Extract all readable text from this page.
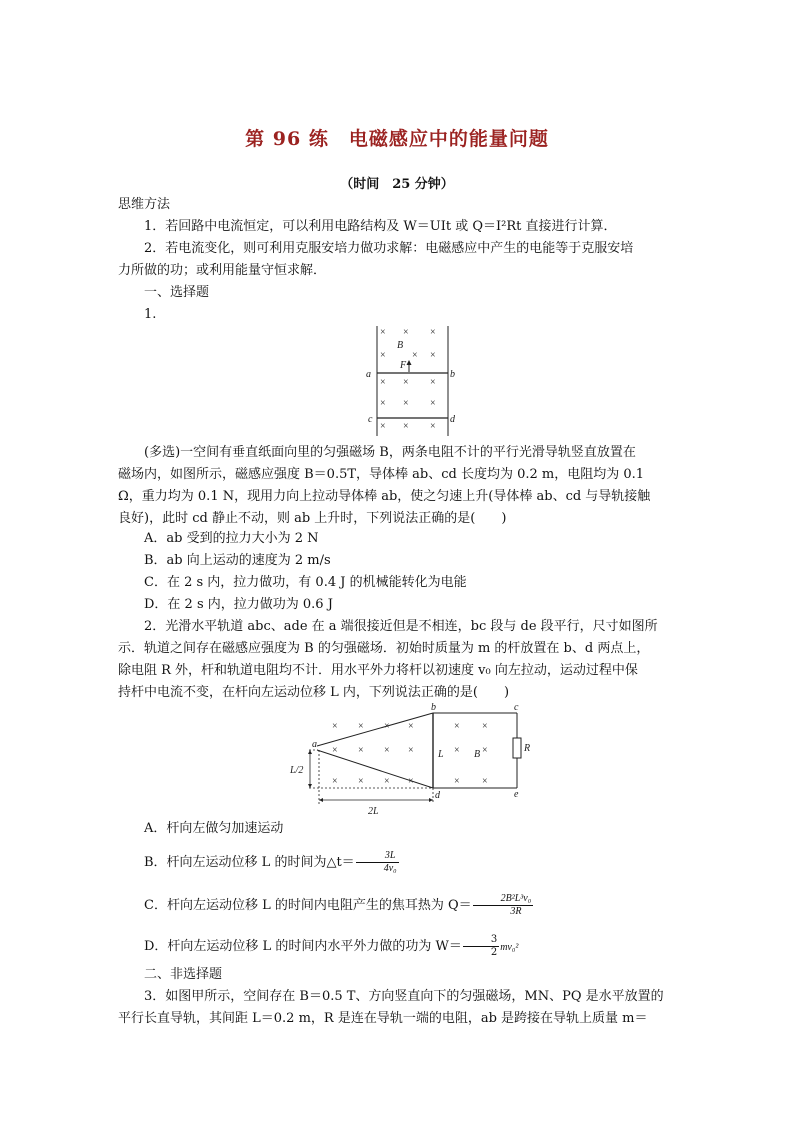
第 96 练　电磁感应中的能量问题
（时间　25 分钟）
思维方法
1．若回路中电流恒定，可以利用电路结构及 W＝UIt 或 Q＝I²Rt 直接进行计算．
2．若电流变化，则可利用克服安培力做功求解：电磁感应中产生的电能等于克服安培
力所做的功；或利用能量守恒求解．
一、选择题
1.
× × ×
×	× ×
× × ×
× × ×
× × ×
B
F
a	b
c	d
(多选)一空间有垂直纸面向里的匀强磁场 B，两条电阻不计的平行光滑导轨竖直放置在
磁场内，如图所示，磁感应强度 B＝0.5T，导体棒 ab、cd 长度均为 0.2 m，电阻均为 0.1
Ω，重力均为 0.1 N，现用力向上拉动导体棒 ab，使之匀速上升(导体棒 ab、cd 与导轨接触
良好)，此时 cd 静止不动，则 ab 上升时，下列说法正确的是(　　)
A．ab 受到的拉力大小为 2 N
B．ab 向上运动的速度为 2 m/s
C．在 2 s 内，拉力做功，有 0.4 J 的机械能转化为电能
D．在 2 s 内，拉力做功为 0.6 J
2．光滑水平轨道 abc、ade 在 a 端很接近但是不相连，bc 段与 de 段平行，尺寸如图所
示．轨道之间存在磁感应强度为 B 的匀强磁场．初始时质量为 m 的杆放置在 b、d 两点上，
除电阻 R 外，杆和轨道电阻均不计．用水平外力将杆以初速度 v₀ 向左拉动，运动过程中保
持杆中电流不变，在杆向左运动位移 L 内，下列说法正确的是(　　)
× × × ×
× × × ×
× × × ×
× ×
× ×
× ×
a
b	c
d	e
L	B
R
L/2
2L
A．杆向左做匀加速运动
B．杆向左运动位移 L 的时间为△t＝ $\frac{3L}{\text{4v₀}}$
C．杆向左运动位移 L 的时间内电阻产生的焦耳热为 $Q= \frac{\text{2B²L³v₀}}{3R}$
D．杆向左运动位移 L 的时间内水平外力做的功为 $W= \frac{3}{2} mv_0^2$
二、非选择题
3．如图甲所示，空间存在 B＝0.5 T、方向竖直向下的匀强磁场，MN、PQ 是水平放置的
平行长直导轨，其间距 L＝0.2 m，R 是连在导轨一端的电阻，ab 是跨接在导轨上质量 m＝
